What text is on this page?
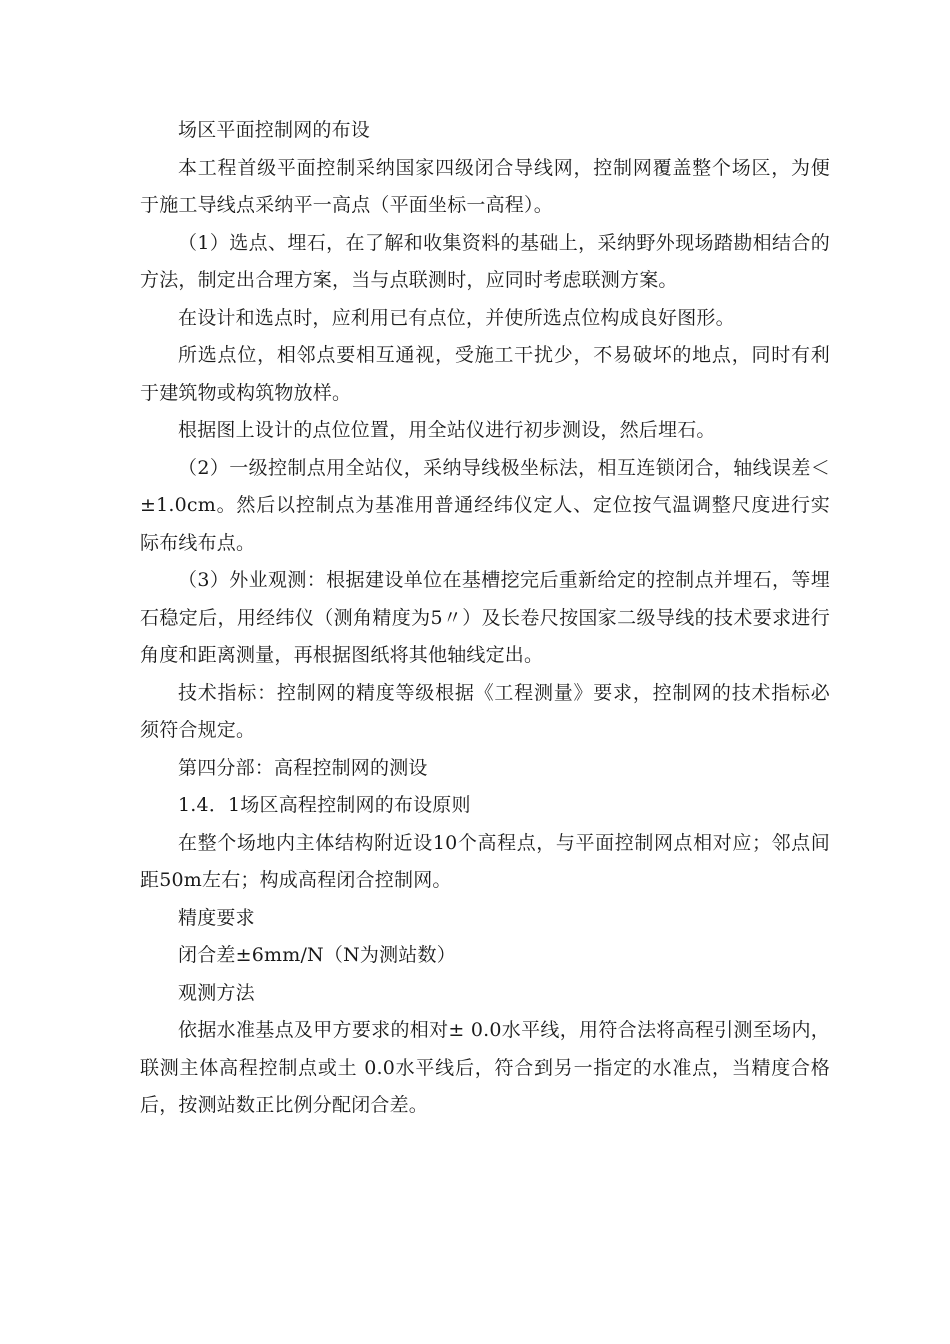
场区平面控制网的布设

本工程首级平面控制采纳国家四级闭合导线网，控制网覆盖整个场区，为便于施工导线点采纳平一高点（平面坐标一高程）。

（1）选点、埋石，在了解和收集资料的基础上，采纳野外现场踏勘相结合的方法，制定出合理方案，当与点联测时，应同时考虑联测方案。

在设计和选点时，应利用已有点位，并使所选点位构成良好图形。

所选点位，相邻点要相互通视，受施工干扰少，不易破坏的地点，同时有利于建筑物或构筑物放样。

根据图上设计的点位位置，用全站仪进行初步测设，然后埋石。

（2）一级控制点用全站仪，采纳导线极坐标法，相互连锁闭合，轴线误差＜±1.0cm。然后以控制点为基准用普通经纬仪定人、定位按气温调整尺度进行实际布线布点。

（3）外业观测：根据建设单位在基槽挖完后重新给定的控制点并埋石，等埋石稳定后，用经纬仪（测角精度为5〃）及长卷尺按国家二级导线的技术要求进行角度和距离测量，再根据图纸将其他轴线定出。

技术指标：控制网的精度等级根据《工程测量》要求，控制网的技术指标必须符合规定。

第四分部：高程控制网的测设

1.4．1场区高程控制网的布设原则

在整个场地内主体结构附近设10个高程点，与平面控制网点相对应；邻点间距50m左右；构成高程闭合控制网。

精度要求

闭合差±6mm/N（N为测站数）

观测方法

依据水准基点及甲方要求的相对± 0.0水平线，用符合法将高程引测至场内，联测主体高程控制点或土 0.0水平线后，符合到另一指定的水准点，当精度合格后，按测站数正比例分配闭合差。
